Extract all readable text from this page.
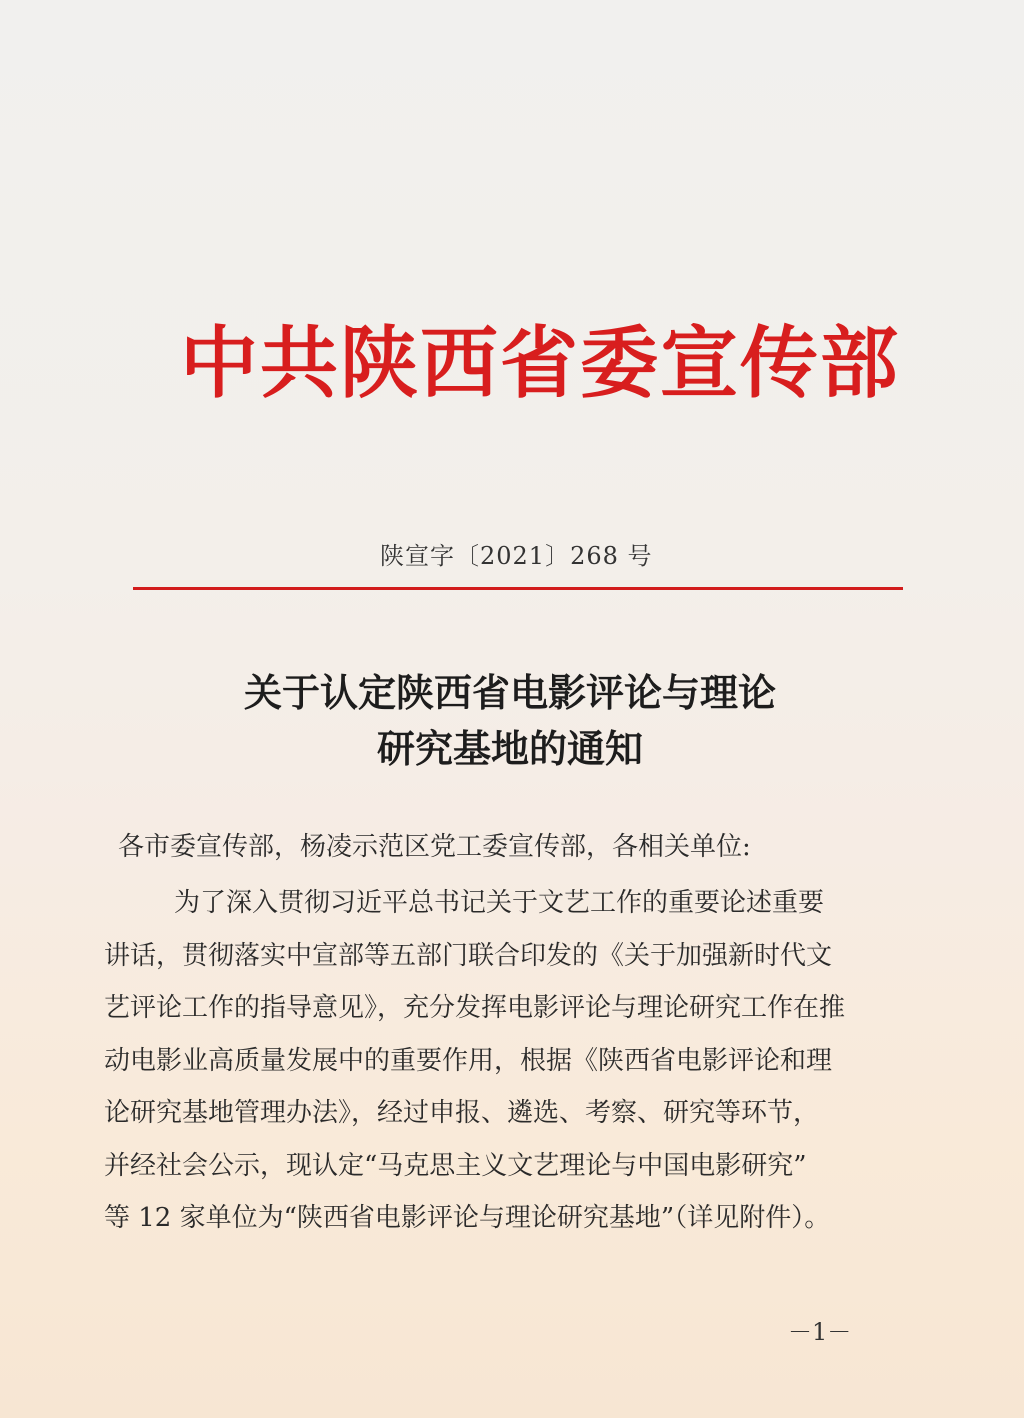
中共陕西省委宣传部
陕宣字〔2021〕268 号
关于认定陕西省电影评论与理论
研究基地的通知
各市委宣传部，杨凌示范区党工委宣传部，各相关单位:
为了深入贯彻习近平总书记关于文艺工作的重要论述重要
讲话，贯彻落实中宣部等五部门联合印发的《关于加强新时代文
艺评论工作的指导意见》，充分发挥电影评论与理论研究工作在推
动电影业高质量发展中的重要作用，根据《陕西省电影评论和理
论研究基地管理办法》，经过申报、遴选、考察、研究等环节，
并经社会公示，现认定“马克思主义文艺理论与中国电影研究”
等 12 家单位为“陕西省电影评论与理论研究基地”（详见附件）。
－1－
